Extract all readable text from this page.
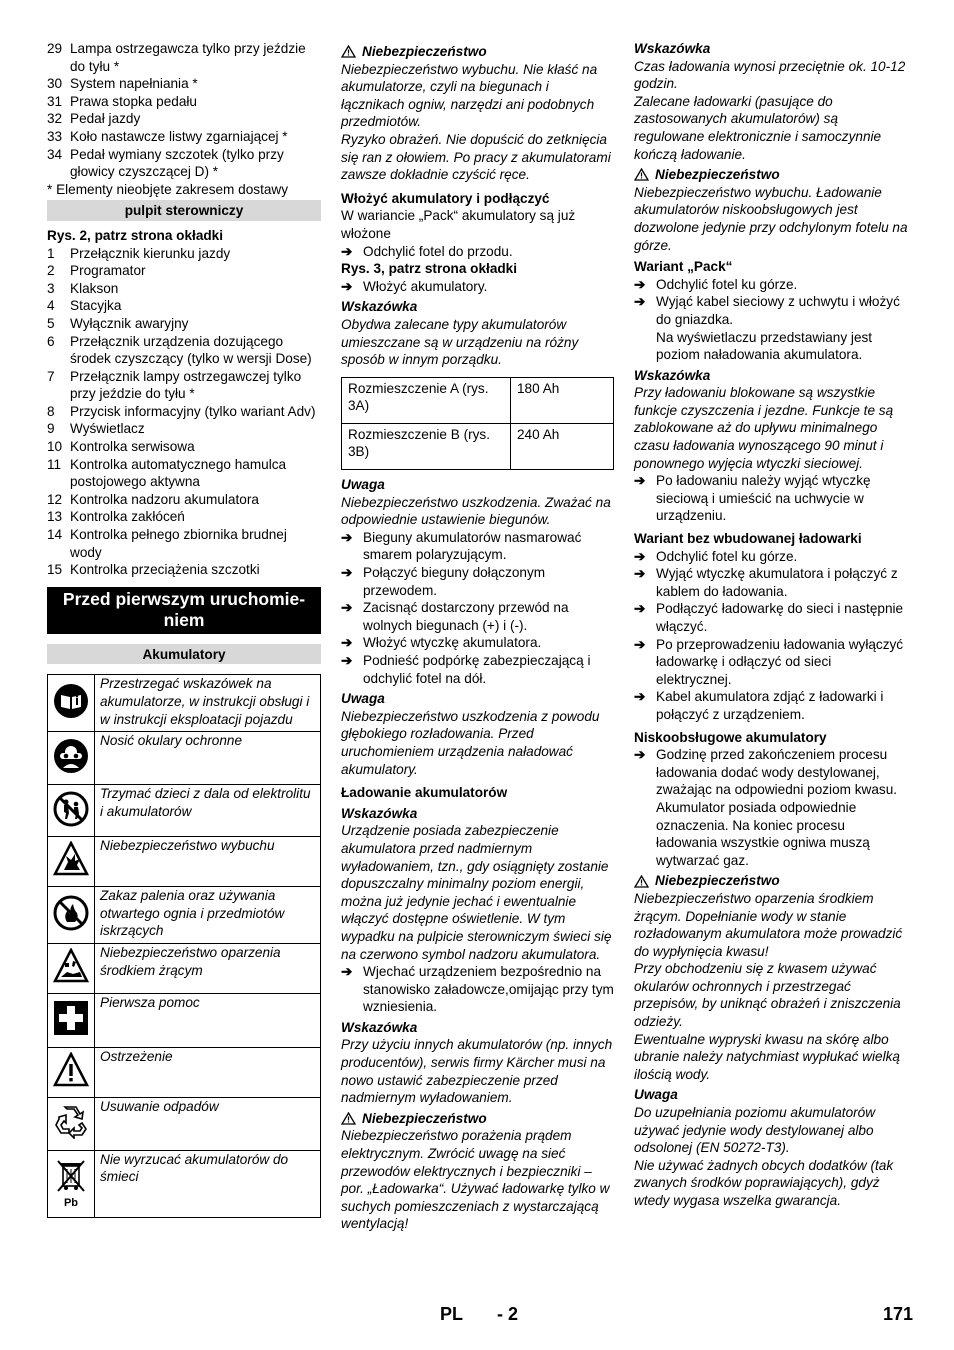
29 Lampa ostrzegawcza tylko przy jeździe do tyłu *
30 System napełniania *
31 Prawa stopka pedału
32 Pedał jazdy
33 Koło nastawcze listwy zgarniającej *
34 Pedał wymiany szczotek (tylko przy głowicy czyszczącej D) *
* Elementy nieobjęte zakresem dostawy
pulpit sterowniczy
Rys. 2, patrz strona okładki
1	Przełącznik kierunku jazdy
2	Programator
3	Klakson
4	Stacyjka
5	Wyłącznik awaryjny
6	Przełącznik urządzenia dozującego środek czyszczący (tylko w wersji Dose)
7	Przełącznik lampy ostrzegawczej tylko przy jeździe do tyłu *
8	Przycisk informacyjny (tylko wariant Adv)
9	Wyświetlacz
10 Kontrolka serwisowa
11 Kontrolka automatycznego hamulca postojowego aktywna
12 Kontrolka nadzoru akumulatora
13 Kontrolka zakłóceń
14 Kontrolka pełnego zbiornika brudnej wody
15 Kontrolka przeciążenia szczotki
Przed pierwszym uruchomie-niem
Akumulatory
	Przestrzegać wskazówek na akumulatorze, w instrukcji obsługi i w instrukcji eksploatacji pojazdu
	Nosić okulary ochronne
	Trzymać dzieci z dala od elektrolitu i akumulatorów
	Niebezpieczeństwo wybuchu
	Zakaz palenia oraz używania otwartego ognia i przedmiotów iskrzących
	Niebezpieczeństwo oparzenia środkiem żrącym
	Pierwsza pomoc
	Ostrzeżenie
	Usuwanie odpadów

Pb	Nie wyrzucać akumulatorów do śmieci
Niebezpieczeństwo
Niebezpieczeństwo wybuchu. Nie kłaść na akumulatorze, czyli na biegunach i łącznikach ogniw, narzędzi ani podobnych przedmiotów.
Ryzyko obrażeń. Nie dopuścić do zetknięcia się ran z ołowiem. Po pracy z akumulatorami zawsze dokładnie czyścić ręce.
Włożyć akumulatory i podłączyć
W wariancie „Pack“ akumulatory są już włożone
➔ Odchylić fotel do przodu.
Rys. 3, patrz strona okładki
➔ Włożyć akumulatory.
Wskazówka
Obydwa zalecane typy akumulatorów umieszczane są w urządzeniu na różny sposób w innym porządku.
Rozmieszczenie A (rys. 3A)	180 Ah
Rozmieszczenie B (rys. 3B)	240 Ah
Uwaga
Niebezpieczeństwo uszkodzenia. Zważać na odpowiednie ustawienie biegunów.
➔ Bieguny akumulatorów nasmarować smarem polaryzującym.
➔ Połączyć bieguny dołączonym przewodem.
➔ Zacisnąć dostarczony przewód na wolnych biegunach (+) i (-).
➔ Włożyć wtyczkę akumulatora.
➔ Podnieść podpórkę zabezpieczającą i odchylić fotel na dół.
Uwaga
Niebezpieczeństwo uszkodzenia z powodu głębokiego rozładowania. Przed uruchomieniem urządzenia naładować akumulatory.
Ładowanie akumulatorów
Wskazówka
Urządzenie posiada zabezpieczenie akumulatora przed nadmiernym wyładowaniem, tzn., gdy osiągnięty zostanie dopuszczalny minimalny poziom energii, można już jedynie jechać i ewentualnie włączyć dostępne oświetlenie. W tym wypadku na pulpicie sterowniczym świeci się na czerwono symbol nadzoru akumulatora.
➔ Wjechać urządzeniem bezpośrednio na stanowisko załadowcze,omijając przy tym wzniesienia.
Wskazówka
Przy użyciu innych akumulatorów (np. innych producentów), serwis firmy Kärcher musi na nowo ustawić zabezpieczenie przed nadmiernym wyładowaniem.
Niebezpieczeństwo
Niebezpieczeństwo porażenia prądem elektrycznym. Zwrócić uwagę na sieć przewodów elektrycznych i bezpieczniki – por. „Ładowarka“. Używać ładowarkę tylko w suchych pomieszczeniach z wystarczającą wentylacją!
Wskazówka
Czas ładowania wynosi przeciętnie ok. 10-12 godzin.
Zalecane ładowarki (pasujące do zastosowanych akumulatorów) są regulowane elektronicznie i samoczynnie kończą ładowanie.
Niebezpieczeństwo
Niebezpieczeństwo wybuchu. Ładowanie akumulatorów niskoobsługowych jest dozwolone jedynie przy odchylonym fotelu na górze.
Wariant „Pack“
➔ Odchylić fotel ku górze.
➔ Wyjąć kabel sieciowy z uchwytu i włożyć do gniazdka.
Na wyświetlaczu przedstawiany jest poziom naładowania akumulatora.
Wskazówka
Przy ładowaniu blokowane są wszystkie funkcje czyszczenia i jezdne. Funkcje te są zablokowane aż do upływu minimalnego czasu ładowania wynoszącego 90 minut i ponownego wyjęcia wtyczki sieciowej.
➔ Po ładowaniu należy wyjąć wtyczkę sieciową i umieścić na uchwycie w urządzeniu.
Wariant bez wbudowanej ładowarki
➔ Odchylić fotel ku górze.
➔ Wyjąć wtyczkę akumulatora i połączyć z kablem do ładowania.
➔ Podłączyć ładowarkę do sieci i następnie włączyć.
➔ Po przeprowadzeniu ładowania wyłączyć ładowarkę i odłączyć od sieci elektrycznej.
➔ Kabel akumulatora zdjąć z ładowarki i połączyć z urządzeniem.
Niskoobsługowe akumulatory
➔ Godzinę przed zakończeniem procesu ładowania dodać wody destylowanej, zważając na odpowiedni poziom kwasu. Akumulator posiada odpowiednie oznaczenia. Na koniec procesu ładowania wszystkie ogniwa muszą wytwarzać gaz.
Niebezpieczeństwo
Niebezpieczeństwo oparzenia środkiem żrącym. Dopełnianie wody w stanie rozładowanym akumulatora może prowadzić do wypłynięcia kwasu!
Przy obchodzeniu się z kwasem używać okularów ochronnych i przestrzegać przepisów, by uniknąć obrażeń i zniszczenia odzieży.
Ewentualne wypryski kwasu na skórę albo ubranie należy natychmiast wypłukać wielką ilością wody.
Uwaga
Do uzupełniania poziomu akumulatorów używać jedynie wody destylowanej albo odsolonej (EN 50272-T3).
Nie używać żadnych obcych dodatków (tak zwanych środków poprawiających), gdyż wtedy wygasa wszelka gwarancja.
PL - 2	171
